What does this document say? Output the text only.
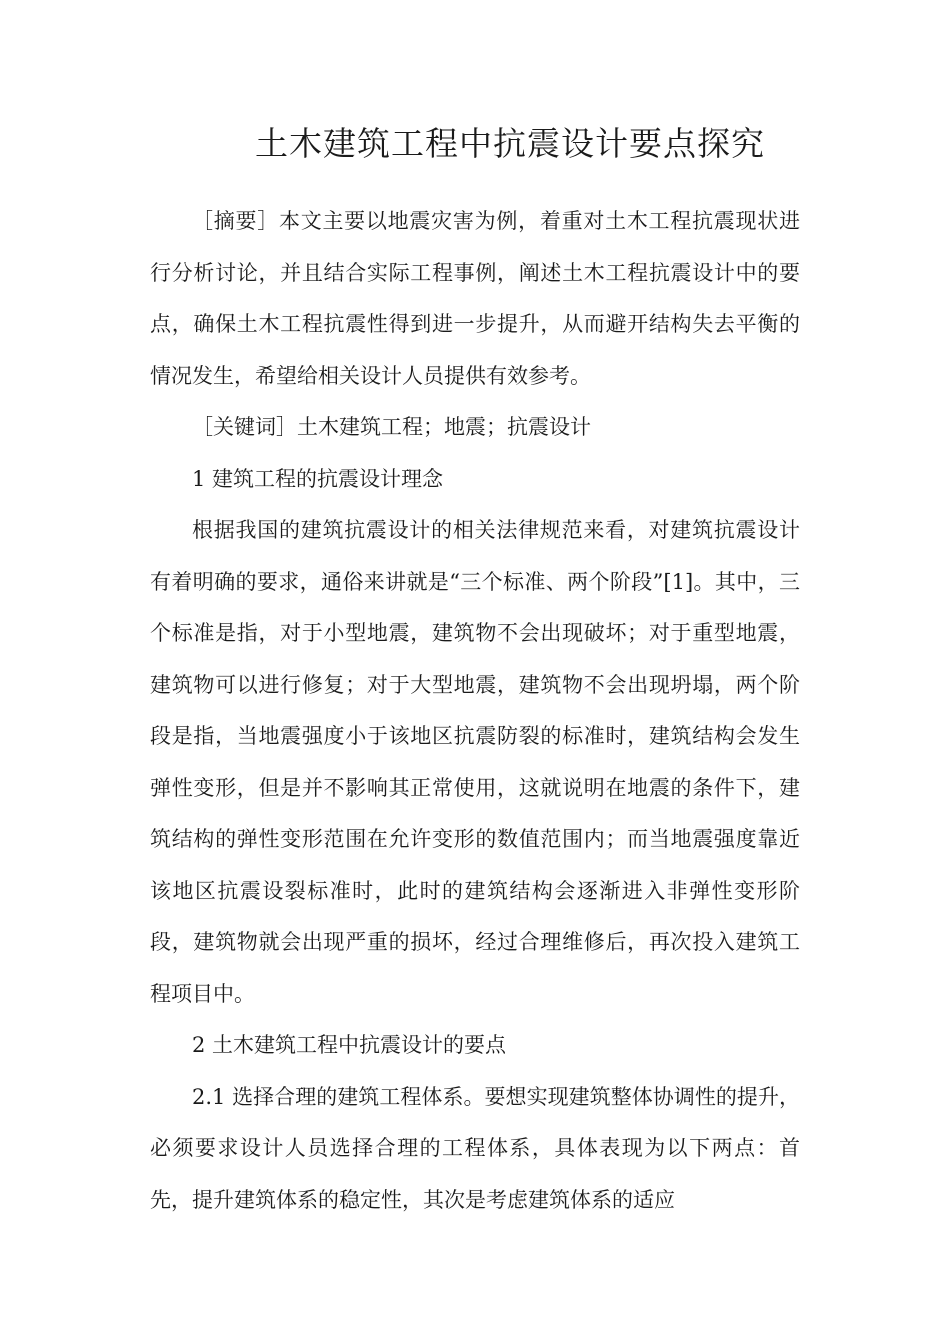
土木建筑工程中抗震设计要点探究

［摘要］本文主要以地震灾害为例，着重对土木工程抗震现状进行分析讨论，并且结合实际工程事例，阐述土木工程抗震设计中的要点，确保土木工程抗震性得到进一步提升，从而避开结构失去平衡的情况发生，希望给相关设计人员提供有效参考。

［关键词］土木建筑工程；地震；抗震设计

1 建筑工程的抗震设计理念

根据我国的建筑抗震设计的相关法律规范来看，对建筑抗震设计有着明确的要求，通俗来讲就是“三个标准、两个阶段”[1]。其中，三个标准是指，对于小型地震，建筑物不会出现破坏；对于重型地震，建筑物可以进行修复；对于大型地震，建筑物不会出现坍塌，两个阶段是指，当地震强度小于该地区抗震防裂的标准时，建筑结构会发生弹性变形，但是并不影响其正常使用，这就说明在地震的条件下，建筑结构的弹性变形范围在允许变形的数值范围内；而当地震强度靠近该地区抗震设裂标准时，此时的建筑结构会逐渐进入非弹性变形阶段，建筑物就会出现严重的损坏，经过合理维修后，再次投入建筑工程项目中。

2 土木建筑工程中抗震设计的要点

2.1 选择合理的建筑工程体系。要想实现建筑整体协调性的提升，必须要求设计人员选择合理的工程体系，具体表现为以下两点：首先，提升建筑体系的稳定性，其次是考虑建筑体系的适应
